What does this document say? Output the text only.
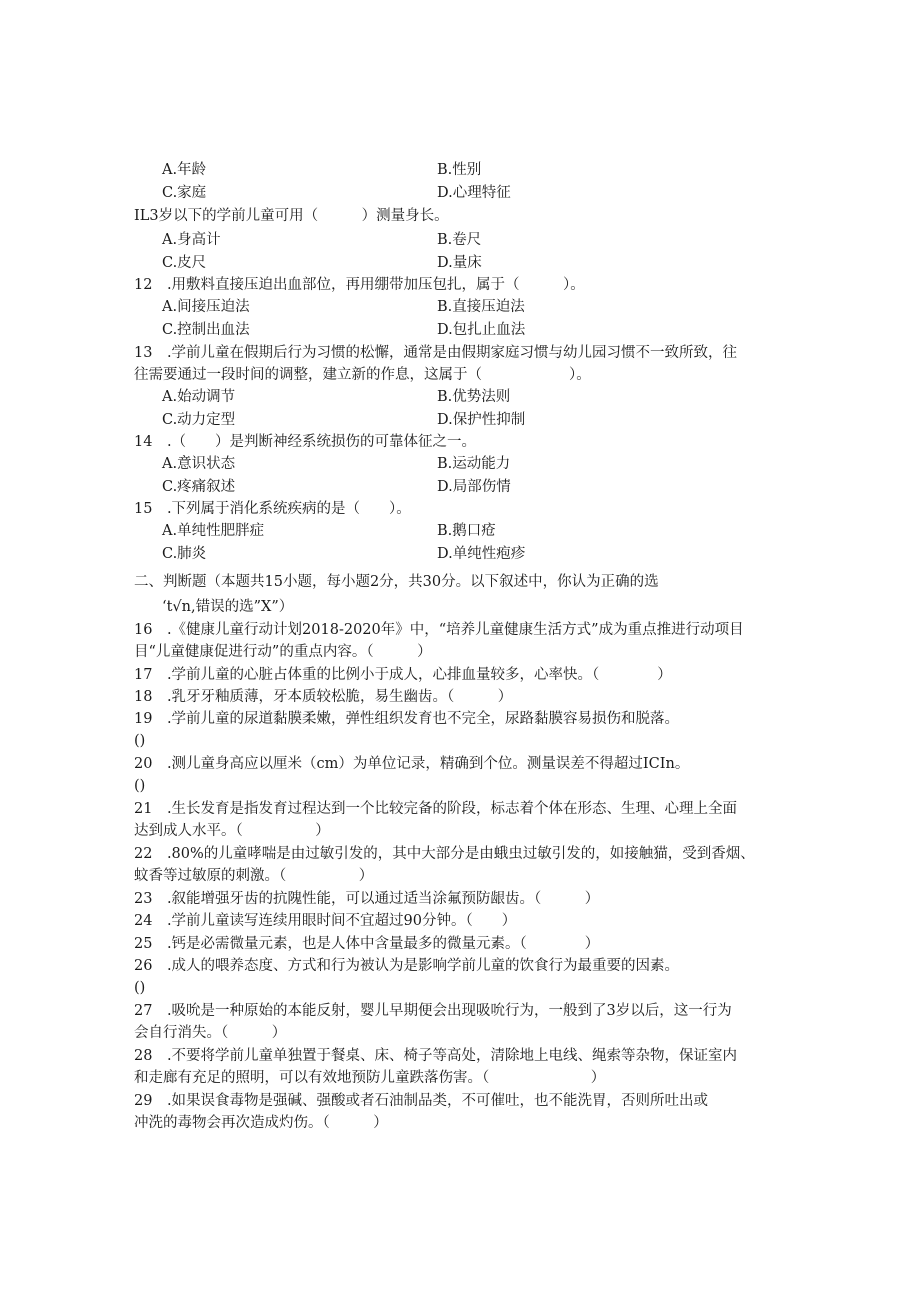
A.年龄	B.性别
C.家庭	D.心理特征
IL3岁以下的学前儿童可用（　　　）测量身长。
A.身高计	B.卷尺
C.皮尺	D.量床
12　.用敷料直接压迫出血部位，再用绷带加压包扎，属于（　　　）。
A.间接压迫法	B.直接压迫法
C.控制出血法	D.包扎止血法
13　.学前儿童在假期后行为习惯的松懈，通常是由假期家庭习惯与幼儿园习惯不一致所致，往
往需要通过一段时间的调整，建立新的作息，这属于（　　　　　　）。
A.始动调节	B.优势法则
C.动力定型	D.保护性抑制
14　.（　　）是判断神经系统损伤的可靠体征之一。
A.意识状态	B.运动能力
C.疼痛叙述	D.局部伤情
15　.下列属于消化系统疾病的是（　　）。
A.单纯性肥胖症	B.鹅口疮
C.肺炎	D.单纯性疱疹
二、判断题（本题共15小题，每小题2分，共30分。以下叙述中，你认为正确的选
‘t√n,错误的选”X”）
16　.《健康儿童行动计划2018-2020年》中，“培养儿童健康生活方式”成为重点推进行动项目
目“儿童健康促进行动”的重点内容。（　　　）
17　.学前儿童的心脏占体重的比例小于成人，心排血量较多，心率快。（　　　　）
18　.乳牙牙釉质薄，牙本质较松脆，易生幽齿。（　　　）
19　.学前儿童的尿道黏膜柔嫩，弹性组织发育也不完全，尿路黏膜容易损伤和脱落。
()
20　.测儿童身高应以厘米（cm）为单位记录，精确到个位。测量误差不得超过ICIn。
()
21　.生长发育是指发育过程达到一个比较完备的阶段，标志着个体在形态、生理、心理上全面
达到成人水平。（　　　　　）
22　.80%的儿童哮喘是由过敏引发的，其中大部分是由蛾虫过敏引发的，如接触猫，受到香烟、
蚊香等过敏原的刺激。（　　　　　）
23　.叙能增强牙齿的抗隗性能，可以通过适当涂氟预防龈齿。（　　　）
24　.学前儿童读写连续用眼时间不宜超过90分钟。（　　）
25　.钙是必需微量元素，也是人体中含量最多的微量元素。（　　　　）
26　.成人的喂养态度、方式和行为被认为是影响学前儿童的饮食行为最重要的因素。
()
27　.吸吮是一种原始的本能反射，婴儿早期便会出现吸吮行为，一般到了3岁以后，这一行为
会自行消失。（　　　）
28　.不要将学前儿童单独置于餐桌、床、椅子等高处，清除地上电线、绳索等杂物，保证室内
和走廊有充足的照明，可以有效地预防儿童跌落伤害。（　　　　　　　）
29　.如果误食毒物是强碱、强酸或者石油制品类，不可催吐，也不能洗胃，否则所吐出或
冲洗的毒物会再次造成灼伤。（　　　）
